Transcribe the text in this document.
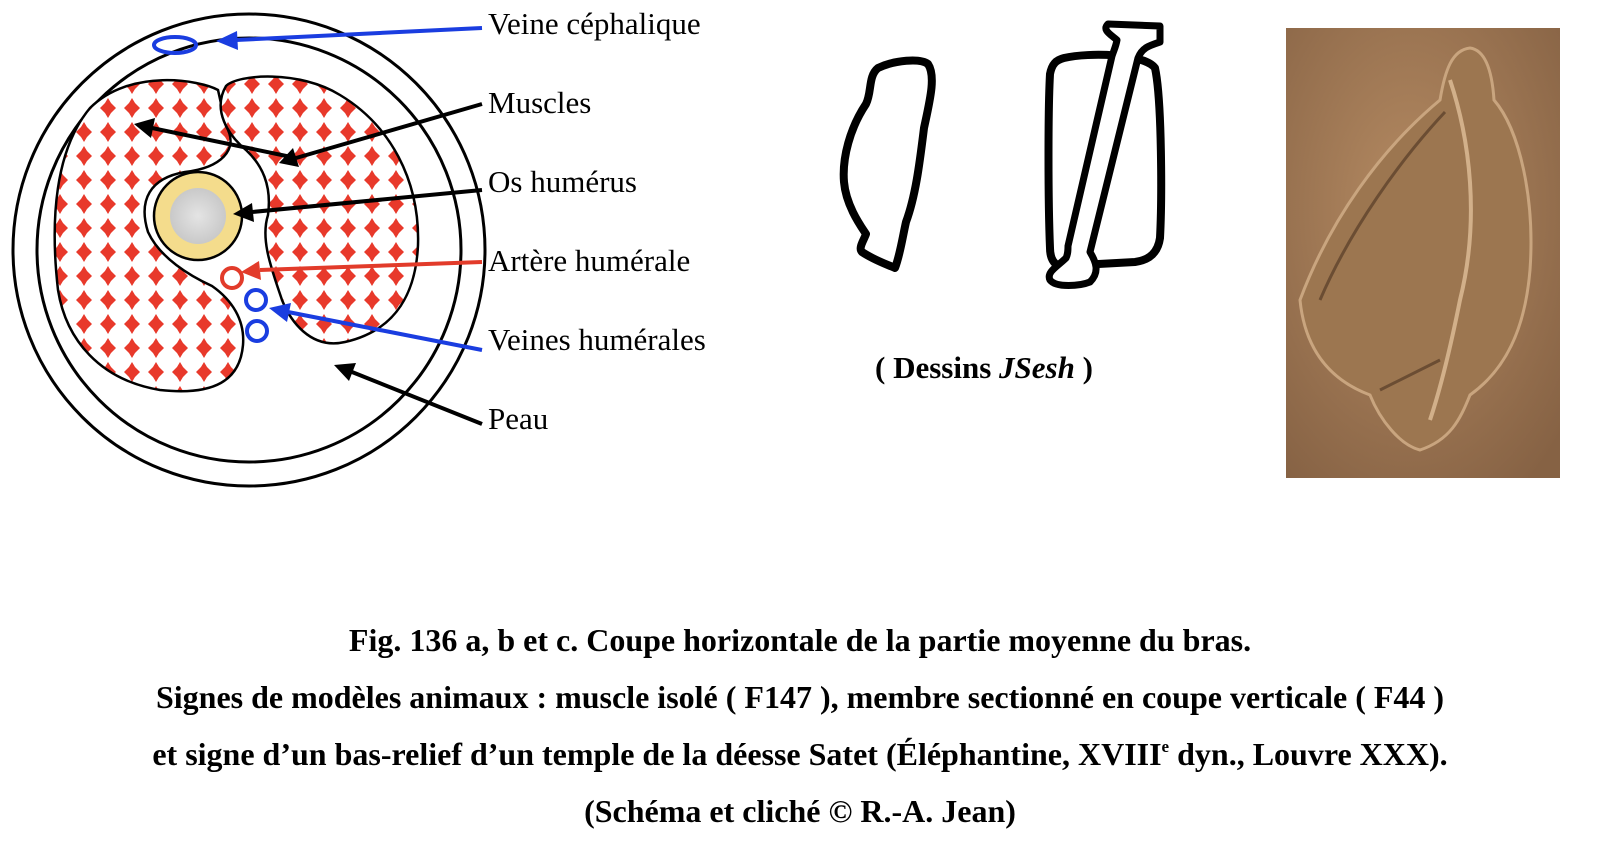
Veine céphalique
Muscles
Os humérus
Artère humérale
Veines humérales
Peau
( Dessins JSesh )
Fig. 136 a, b et c. Coupe horizontale de la partie moyenne du bras.
Signes de modèles animaux : muscle isolé ( F147 ), membre sectionné en coupe verticale ( F44 )
et signe d’un bas-relief d’un temple de la déesse Satet (Éléphantine, XVIIIe dyn., Louvre XXX).
(Schéma et cliché © R.-A. Jean)
